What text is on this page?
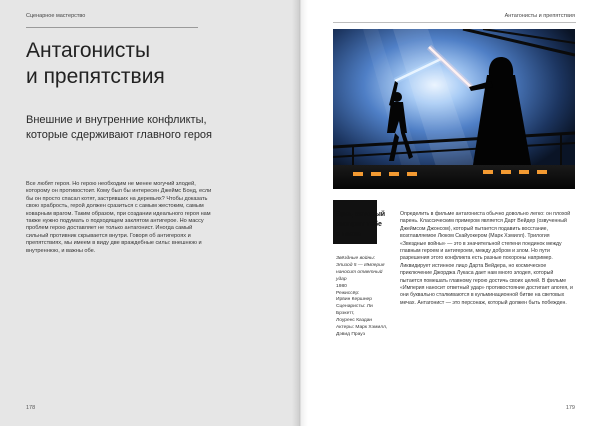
Сценарное мастерство
Антагонисты
и препятствия

Внешние и внутренние конфликты, которые сдерживают главного героя

Все любят героя. Но герою необходим не менее могучий злодей, которому он противостоит. Кому был бы интересен Джеймс Бонд, если бы он просто спасал котят, застрявших на деревьях? Чтобы доказать свою храбрость, герой должен сразиться с самым жестоким, самым коварным врагом. Таким образом, при создании идеального героя нам также нужно подумать о подходящем заклятом антигерое. Но массу проблем герою доставляет не только антагонист. Иногда самый сильный противник скрывается внутри. Говоря об антигероях и препятствиях, мы имеем в виду две враждебные силы: внешнюю и внутреннюю, и важны обе.

178
Антагонисты и препятствия
Враг, который смотрит тебе в глаза
Звёздные войны:
Эпизод 5 — Империя наносит ответный удар
1980
Режиссёр:
Ирвин Кершнер
Сценаристы: Ли Брэкетт,
Лоуренс Каздан
Актеры: Марк Хэмилл,
Дэвид Прауз

Определить в фильме антагониста обычно довольно легко: он плохой парень. Классическим примером является Дарт Вейдер (озвученный Джеймсом Джонсом), который пытается подавить восстание, возглавляемое Люком Скайуокером (Марк Хэмилл). Трилогия «Звездные войны» — это в значительной степени поединок между главным героем и антигероем, между добром и злом. Но пути разрешения этого конфликта есть разные похороны например. Ликвидирует истинное лицо Дарта Вейдера, но космическое приключение Джорджа Лукаса дает нам много злодея, который пытается помешать главному герою достичь своих целей. В фильме «Империя наносит ответный удар» противостояние достигает апогея, и они буквально сталкиваются в кульминационной битве на световых мечах. Антагонист — это персонаж, который должен быть побежден.

179
